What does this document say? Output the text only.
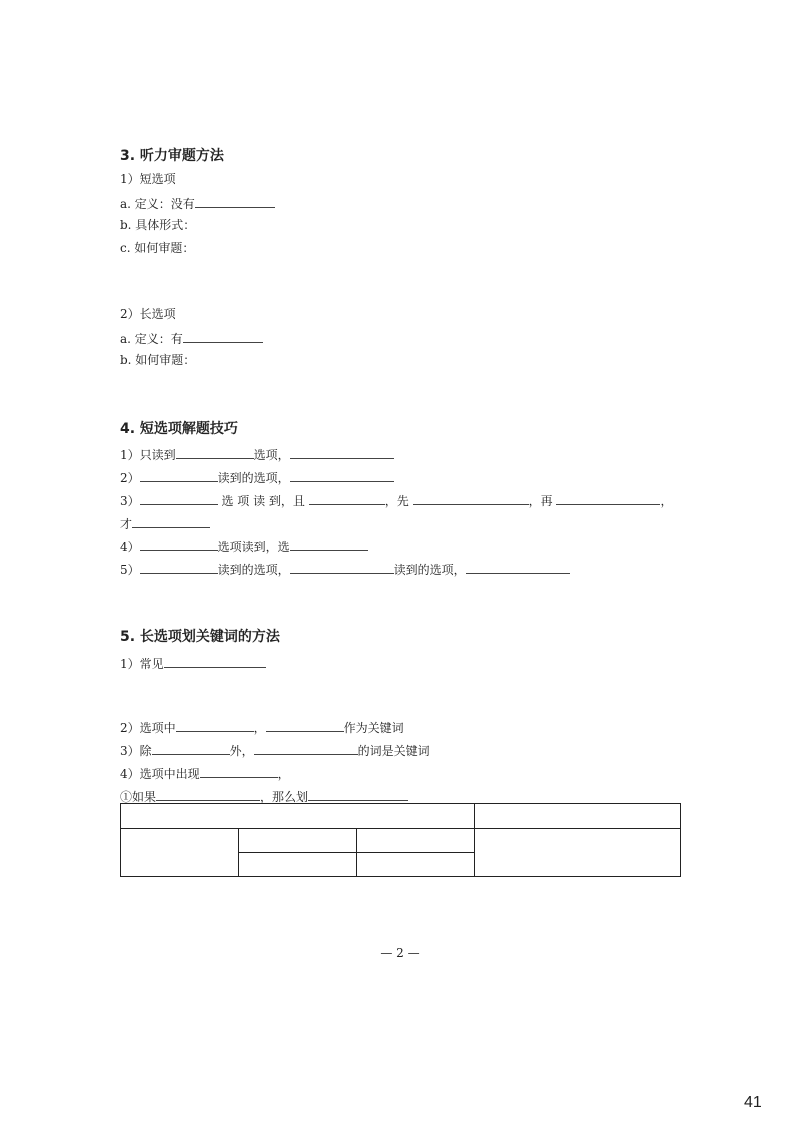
3. 听力审题方法
1）短选项
a. 定义：没有
b. 具体形式：
c. 如何审题：
2）长选项
a. 定义：有
b. 如何审题：
4. 短选项解题技巧
1）只读到	选项，
2）	读到的选项，
3）	选 项 读 到，且	，先	，再	，
才
4）	选项读到，选
5）	读到的选项，	读到的选项，
5. 长选项划关键词的方法
1）常见
2）选项中	，	作为关键词
3）除	外，	的词是关键词
4）选项中出现	，
①如果	，那么划

— 2 —
41
